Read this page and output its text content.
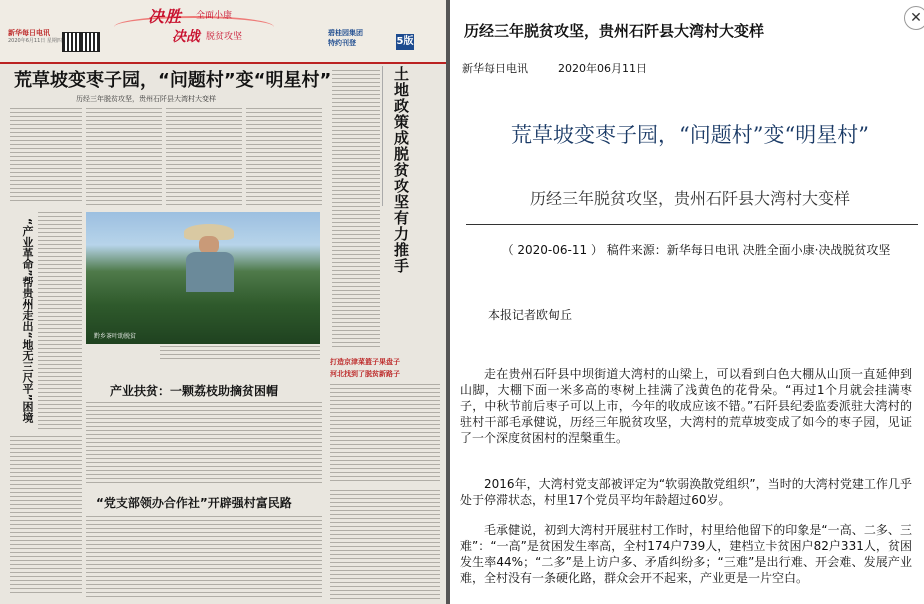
新华每日电讯
2020年6月11日 星期四
决胜 全面小康
决战 脱贫攻坚	碧桂园集团
特约刊登	5版
荒草坡变枣子园，“问题村”变“明星村”
历经三年脱贫攻坚，贵州石阡县大湾村大变样	土地政策成脱贫攻坚有力推手
“产业革命”帮贵州走出“地无三尺平”困境	黔乡茶叶助脱贫
打造京津菜篮子果盘子
河北找到了脱贫新路子
产业扶贫：一颗荔枝助摘贫困帽
“党支部领办合作社”开辟强村富民路
历经三年脱贫攻坚，贵州石阡县大湾村大变样
✕
新华每日电讯	2020年06月11日
荒草坡变枣子园，“问题村”变“明星村”
历经三年脱贫攻坚，贵州石阡县大湾村大变样
（ 2020-06-11 ） 稿件来源：新华每日电讯 决胜全面小康·决战脱贫攻坚
本报记者欧甸丘
走在贵州石阡县中坝街道大湾村的山梁上，可以看到白色大棚从山顶一直延伸到山脚，大棚下面一米多高的枣树上挂满了浅黄色的花骨朵。“再过1个月就会挂满枣子，中秋节前后枣子可以上市，今年的收成应该不错。”石阡县纪委监委派驻大湾村的驻村干部毛承健说，历经三年脱贫攻坚，大湾村的荒草坡变成了如今的枣子园，见证了一个深度贫困村的涅槃重生。
2016年，大湾村党支部被评定为“软弱涣散党组织”，当时的大湾村党建工作几乎处于停滞状态，村里17个党员平均年龄超过60岁。
毛承健说，初到大湾村开展驻村工作时，村里给他留下的印象是“一高、二多、三难”：“一高”是贫困发生率高，全村174户739人，建档立卡贫困户82户331人，贫困发生率44%；“二多”是上访户多、矛盾纠纷多；“三难”是出行难、开会难、发展产业难，全村没有一条硬化路，群众会开不起来，产业更是一片空白。
